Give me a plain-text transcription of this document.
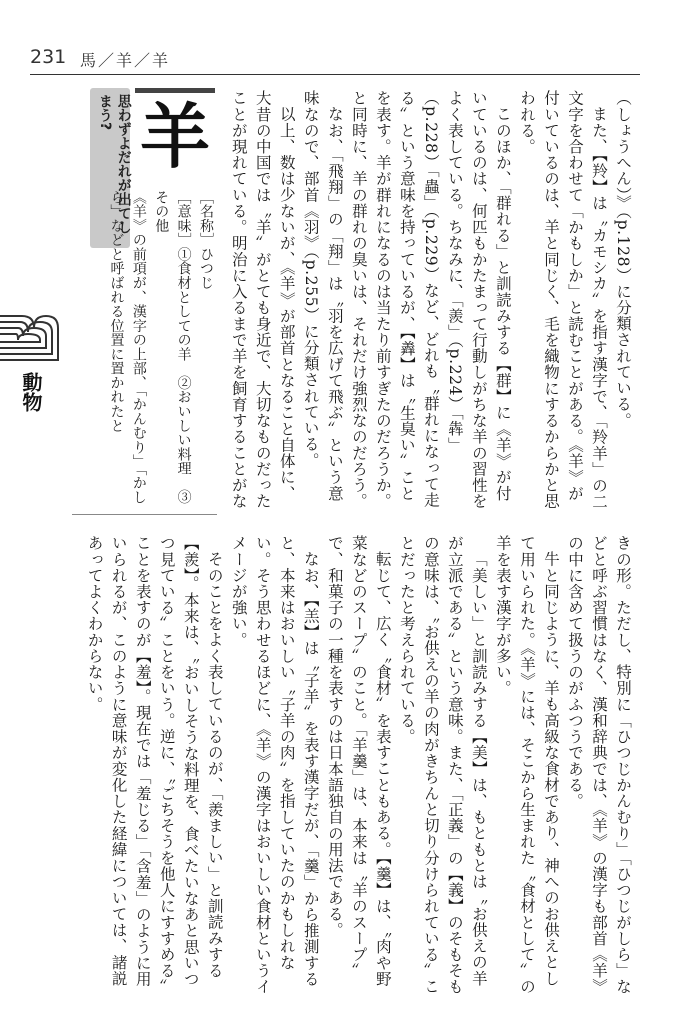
231 馬／羊／羊
思わずよだれが出てしまう? 羊

［名称］ひつじ

［意味］①食材としての羊　②おいしい料理　③その他

《羊》の前項が、漢字の上部、「かんむり」「かしら」などと呼ばれる位置に置かれたと	（しょうへん）》（p.128）に分類されている。

また、【羚】は〝カモシカ〟を指す漢字で、「羚羊」の二文字を合わせて「かもしか」と読むことがある。《羊》が付いているのは、羊と同じく、毛を織物にするからかと思われる。

このほか、「群れる」と訓読みする【群】に《羊》が付いているのは、何匹もかたまって行動しがちな羊の習性をよく表している。ちなみに、「羨」（p.224）「犇」（p.228）「蟲」（p.229）など、どれも〝群れになって走る〟という意味を持っているが、【羴】は〝生臭い〟ことを表す。羊が群れになるのは当たり前すぎたのだろうか。と同時に、羊の群れの臭いは、それだけ強烈なのだろう。

なお、「飛翔」の「翔」は〝羽を広げて飛ぶ〟という意味なので、部首《羽》（p.255）に分類されている。

以上、数は少ないが、《羊》が部首となること自体に、大昔の中国では〝羊〟がとても身近で、大切なものだったことが現れている。明治に入るまで羊を飼育することがな

きの形。ただし、特別に「ひつじかんむり」「ひつじがしら」などと呼ぶ習慣はなく、漢和辞典では、《羊》の漢字も部首《羊》の中に含めて扱うのがふつうである。

牛と同じように、羊も高級な食材であり、神へのお供えとして用いられた。《羊》には、そこから生まれた〝食材として〟の羊を表す漢字が多い。

「美しい」と訓読みする【美】は、もともとは〝お供えの羊が立派である〟という意味。また、「正義」の【義】のそもそもの意味は、〝お供えの羊の肉がきちんと切り分けられている〟ことだったと考えられている。

転じて、広く〝食材〟を表すこともある。【羹】は、〝肉や野菜などのスープ〟のこと。「羊羹」は、本来は〝羊のスープ〟で、和菓子の一種を表すのは日本語独自の用法である。

なお、【羔】は〝子羊〟を表す漢字だが、「羹」から推測すると、本来はおいしい〝子羊の肉〟を指していたのかもしれない。そう思わせるほどに、《羊》の漢字はおいしい食材というイメージが強い。

そのことをよく表しているのが、「羨ましい」と訓読みする【羨】。本来は、〝おいしそうな料理を、食べたいなあと思いつつ見ている〟ことをいう。逆に、〝ごちそうを他人にすすめる〟ことを表すのが【羞】。現在では「羞じる」「含羞」のように用いられるが、このように意味が変化した経緯については、諸説あってよくわからない。

動物
